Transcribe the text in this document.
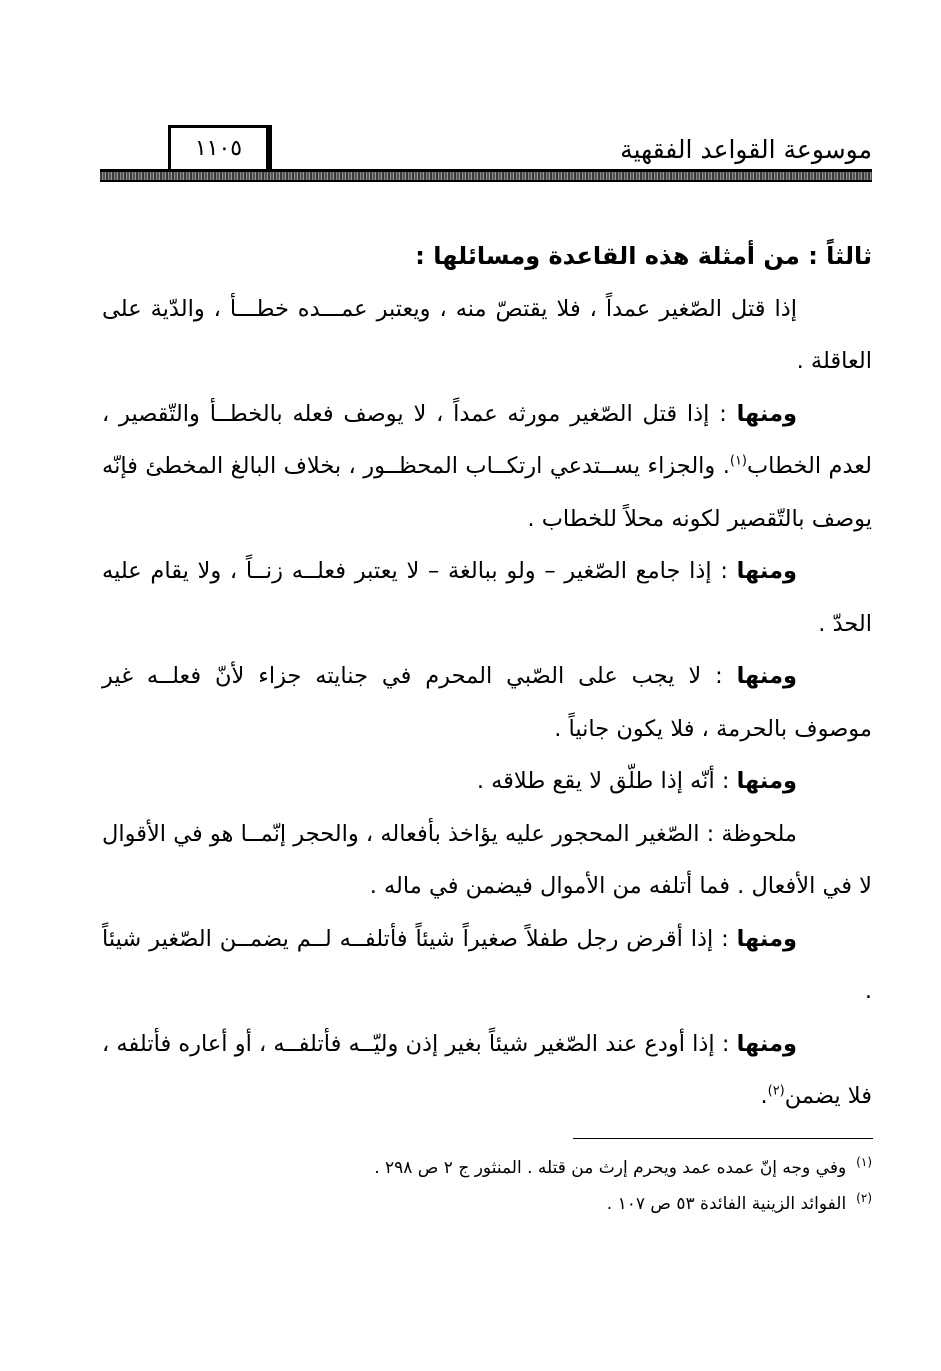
١١٠٥	موسوعة القواعد الفقهية

ثالثاً : من أمثلة هذه القاعدة ومسائلها :

إذا قتل الصّغير عمداً ، فلا يقتصّ منه ، ويعتبر عمـــده خطـــأ ، والدّية على العاقلة .

ومنها : إذا قتل الصّغير مورثه عمداً ، لا يوصف فعله بالخطــأ والتّقصير ، لعدم الخطاب$^{(١)}$. والجزاء يســتدعي ارتكــاب المحظــور ، بخلاف البالغ المخطئ فإنّه يوصف بالتّقصير لكونه محلاً للخطاب .

ومنها : إذا جامع الصّغير – ولو ببالغة – لا يعتبر فعلــه زنــاً ، ولا يقام عليه الحدّ .

ومنها : لا يجب على الصّبي المحرم في جنايته جزاء لأنّ فعلــه غير موصوف بالحرمة ، فلا يكون جانياً .

ومنها : أنّه إذا طلّق لا يقع طلاقه .

ملحوظة : الصّغير المحجور عليه يؤاخذ بأفعاله ، والحجر إنّمــا هو في الأقوال لا في الأفعال . فما أتلفه من الأموال فيضمن في ماله .

ومنها : إذا أقرض رجل طفلاً صغيراً شيئاً فأتلفــه لــم يضمــن الصّغير شيئاً .

ومنها : إذا أودع عند الصّغير شيئاً بغير إذن وليّــه فأتلفــه ، أو أعاره فأتلفه ، فلا يضمن$^{(٢)}$.

$^{(١)}$وفي وجه إنّ عمده عمد ويحرم إرث من قتله . المنثور ج ٢ ص ٢٩٨ .

$^{(٢)}$الفوائد الزينية الفائدة ٥٣ ص ١٠٧ .
